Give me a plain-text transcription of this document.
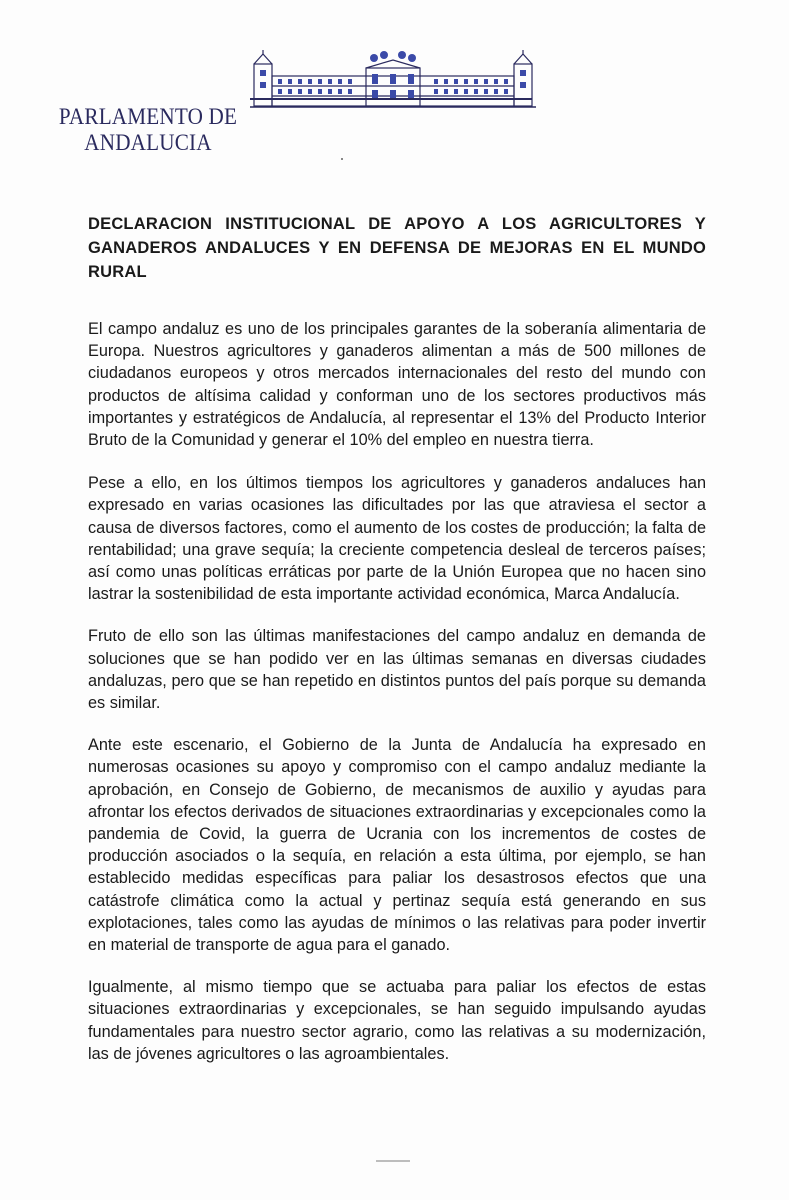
PARLAMENTO DE ANDALUCIA
DECLARACION INSTITUCIONAL DE APOYO A LOS AGRICULTORES Y GANADEROS ANDALUCES Y EN DEFENSA DE MEJORAS EN EL MUNDO RURAL

El campo andaluz es uno de los principales garantes de la soberanía alimentaria de Europa. Nuestros agricultores y ganaderos alimentan a más de 500 millones de ciudadanos europeos y otros mercados internacionales del resto del mundo con productos de altísima calidad y conforman uno de los sectores productivos más importantes y estratégicos de Andalucía, al representar el 13% del Producto Interior Bruto de la Comunidad y generar el 10% del empleo en nuestra tierra.

Pese a ello, en los últimos tiempos los agricultores y ganaderos andaluces han expresado en varias ocasiones las dificultades por las que atraviesa el sector a causa de diversos factores, como el aumento de los costes de producción; la falta de rentabilidad; una grave sequía; la creciente competencia desleal de terceros países; así como unas políticas erráticas por parte de la Unión Europea que no hacen sino lastrar la sostenibilidad de esta importante actividad económica, Marca Andalucía.

Fruto de ello son las últimas manifestaciones del campo andaluz en demanda de soluciones que se han podido ver en las últimas semanas en diversas ciudades andaluzas, pero que se han repetido en distintos puntos del país porque su demanda es similar.

Ante este escenario, el Gobierno de la Junta de Andalucía ha expresado en numerosas ocasiones su apoyo y compromiso con el campo andaluz mediante la aprobación, en Consejo de Gobierno, de mecanismos de auxilio y ayudas para afrontar los efectos derivados de situaciones extraordinarias y excepcionales como la pandemia de Covid, la guerra de Ucrania con los incrementos de costes de producción asociados o la sequía, en relación a esta última, por ejemplo, se han establecido medidas específicas para paliar los desastrosos efectos que una catástrofe climática como la actual y pertinaz sequía está generando en sus explotaciones, tales como las ayudas de mínimos o las relativas para poder invertir en material de transporte de agua para el ganado.

Igualmente, al mismo tiempo que se actuaba para paliar los efectos de estas situaciones extraordinarias y excepcionales, se han seguido impulsando ayudas fundamentales para nuestro sector agrario, como las relativas a su modernización, las de jóvenes agricultores o las agroambientales.
